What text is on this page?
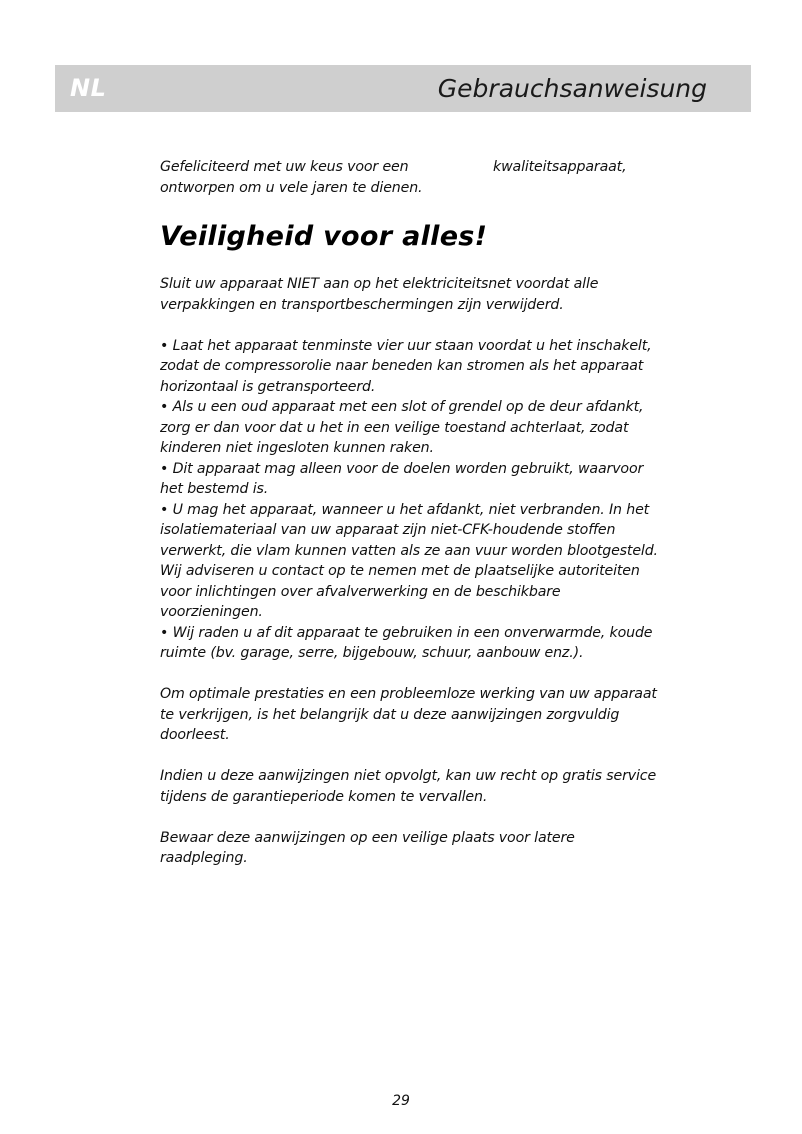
NL	Gebrauchsanweisung
Gefeliciteerd met uw keus voor een	kwaliteitsapparaat,
ontworpen om u vele jaren te dienen.
Veiligheid voor alles!

Sluit uw apparaat NIET aan op het elektriciteitsnet voordat alle verpakkingen en transportbeschermingen zijn verwijderd.

• Laat het apparaat tenminste vier uur staan voordat u het inschakelt, zodat de compressorolie naar beneden kan stromen als het apparaat horizontaal is getransporteerd.

• Als u een oud apparaat met een slot of grendel op de deur afdankt, zorg er dan voor dat u het in een veilige toestand achterlaat, zodat kinderen niet ingesloten kunnen raken.

• Dit apparaat mag alleen voor de doelen worden gebruikt, waarvoor het bestemd is.

• U mag het apparaat, wanneer u het afdankt, niet verbranden. In het isolatiemateriaal van uw apparaat zijn niet-CFK-houdende stoffen verwerkt, die vlam kunnen vatten als ze aan vuur worden blootgesteld. Wij adviseren u contact op te nemen met de plaatselijke autoriteiten voor inlichtingen over afvalverwerking en de beschikbare voorzieningen.

• Wij raden u af dit apparaat te gebruiken in een onverwarmde, koude ruimte (bv. garage, serre, bijgebouw, schuur, aanbouw enz.).

Om optimale prestaties en een probleemloze werking van uw apparaat te verkrijgen, is het belangrijk dat u deze aanwijzingen zorgvuldig doorleest.

Indien u deze aanwijzingen niet opvolgt, kan uw recht op gratis service tijdens de garantieperiode komen te vervallen.

Bewaar deze aanwijzingen op een veilige plaats voor latere raadpleging.

29
